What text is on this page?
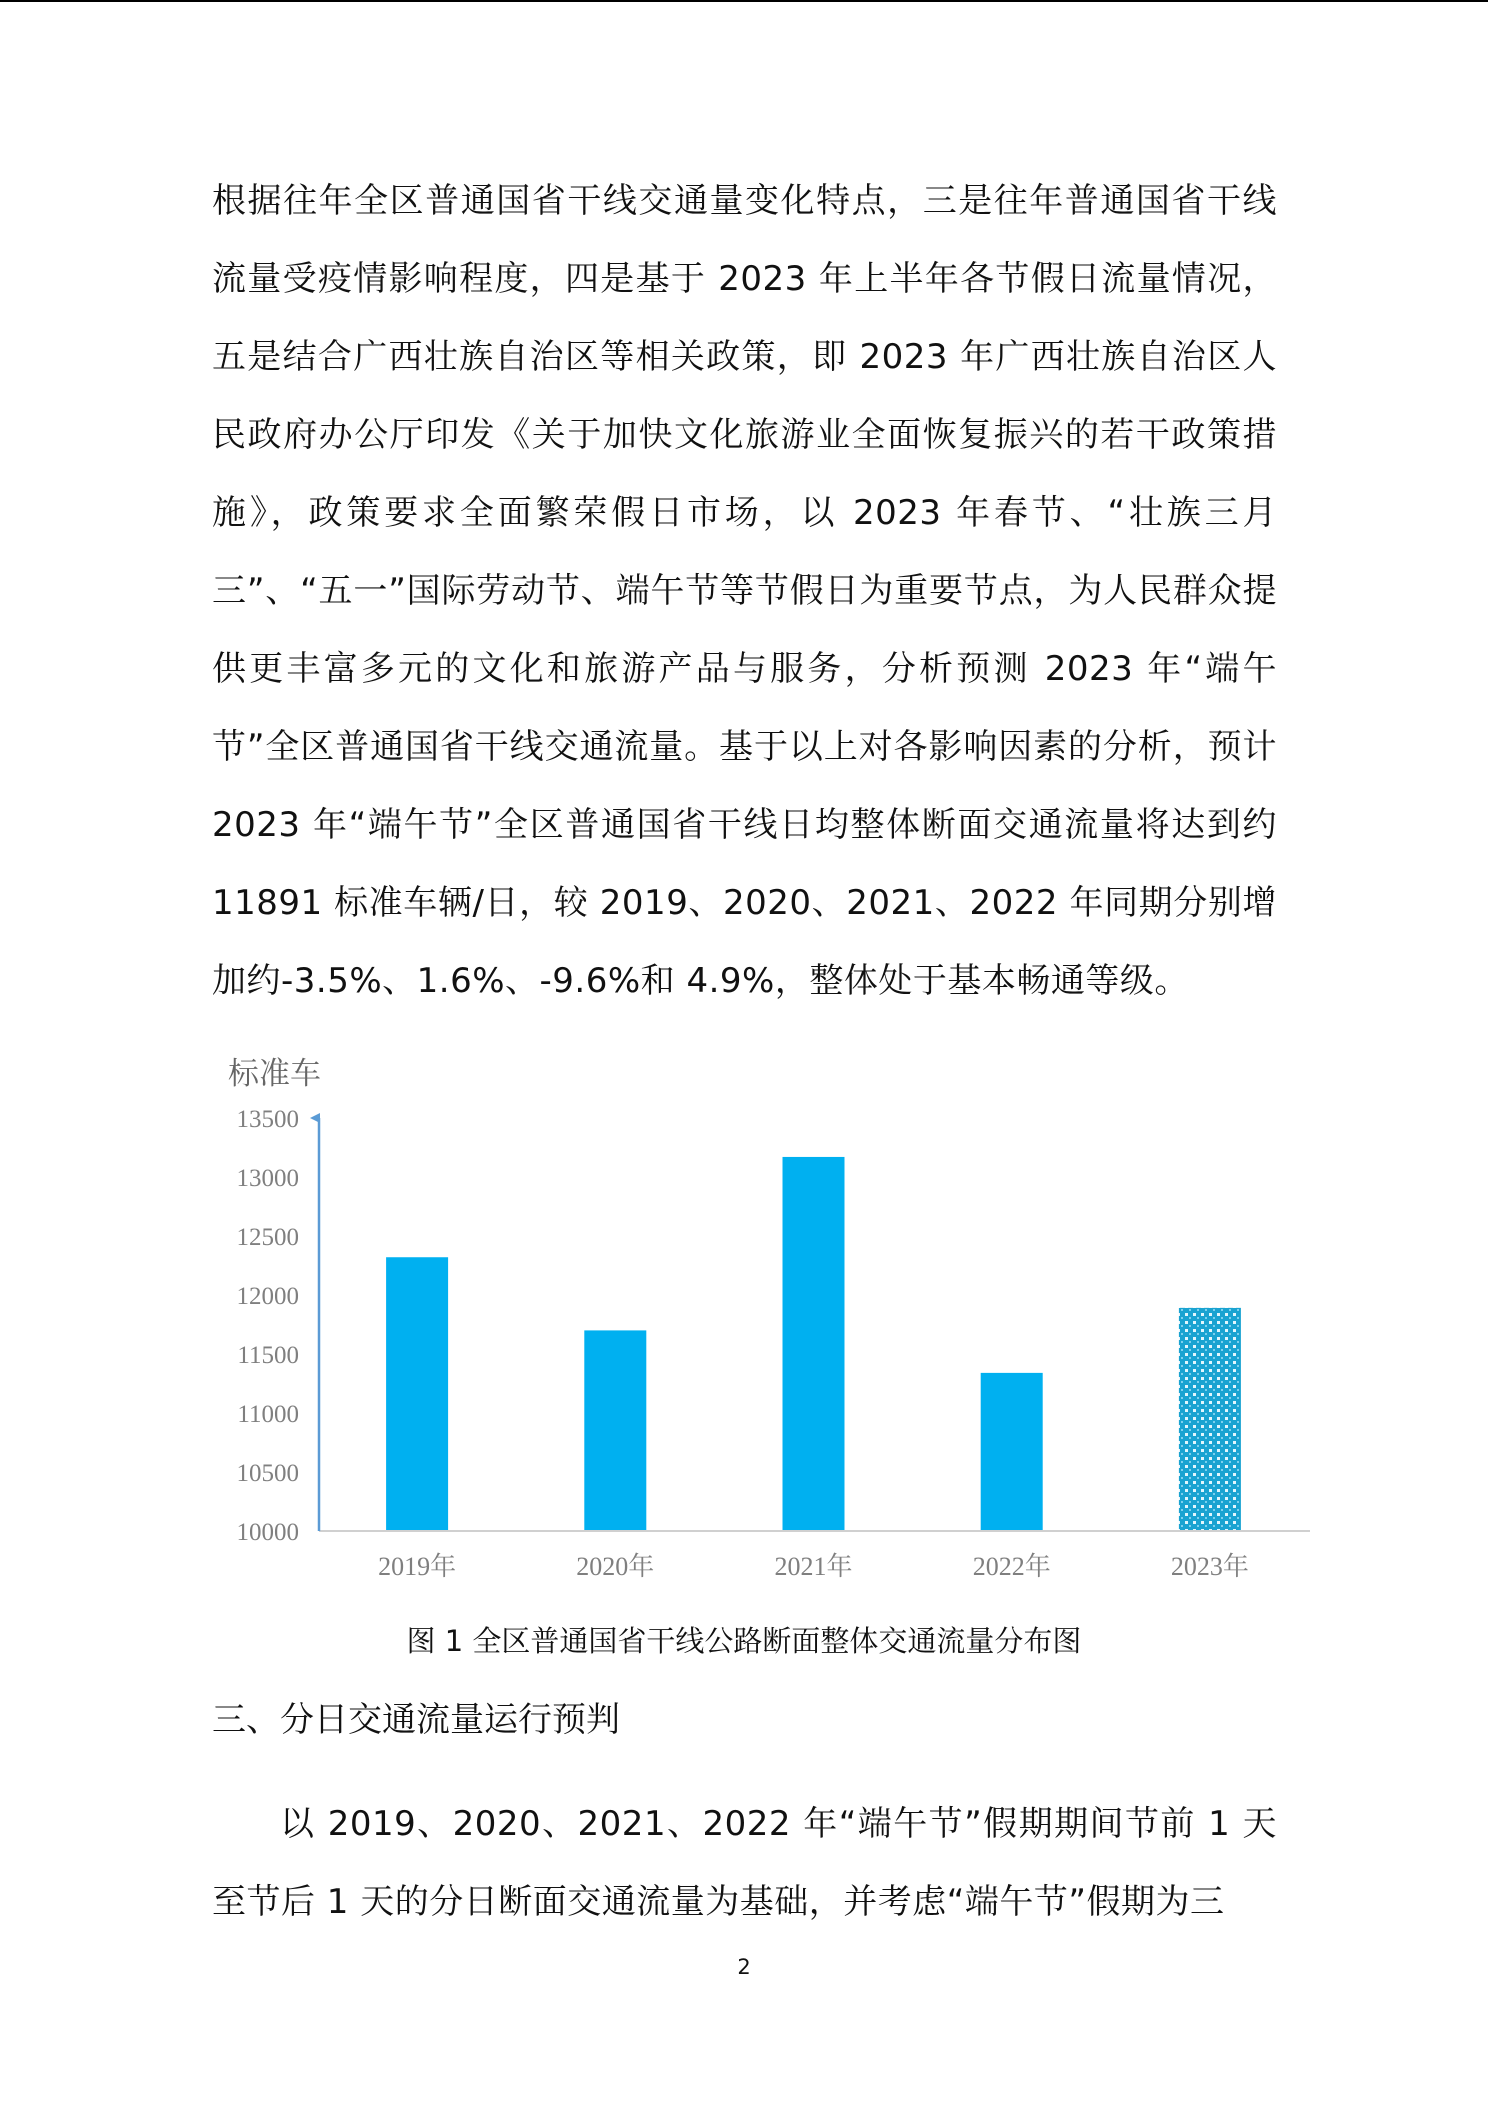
根据往年全区普通国省干线交通量变化特点，三是往年普通国省干线流量受疫情影响程度，四是基于 2023 年上半年各节假日流量情况，五是结合广西壮族自治区等相关政策，即 2023 年广西壮族自治区人民政府办公厅印发《关于加快文化旅游业全面恢复振兴的若干政策措施》，政策要求全面繁荣假日市场，以 2023 年春节、“壮族三月三”、“五一”国际劳动节、端午节等节假日为重要节点，为人民群众提供更丰富多元的文化和旅游产品与服务，分析预测 2023 年“端午节”全区普通国省干线交通流量。基于以上对各影响因素的分析，预计 2023 年“端午节”全区普通国省干线日均整体断面交通流量将达到约 11891 标准车辆/日，较 2019、2020、2021、2022 年同期分别增加约-3.5%、1.6%、-9.6%和 4.9%，整体处于基本畅通等级。

标准车
10000
10500
11000
11500
12000
12500
13000
13500
2019年	2020年	2021年	2022年	2023年
图 1 全区普通国省干线公路断面整体交通流量分布图
三、分日交通流量运行预判

以 2019、2020、2021、2022 年“端午节”假期期间节前 1 天至节后 1 天的分日断面交通流量为基础，并考虑“端午节”假期为三

2
